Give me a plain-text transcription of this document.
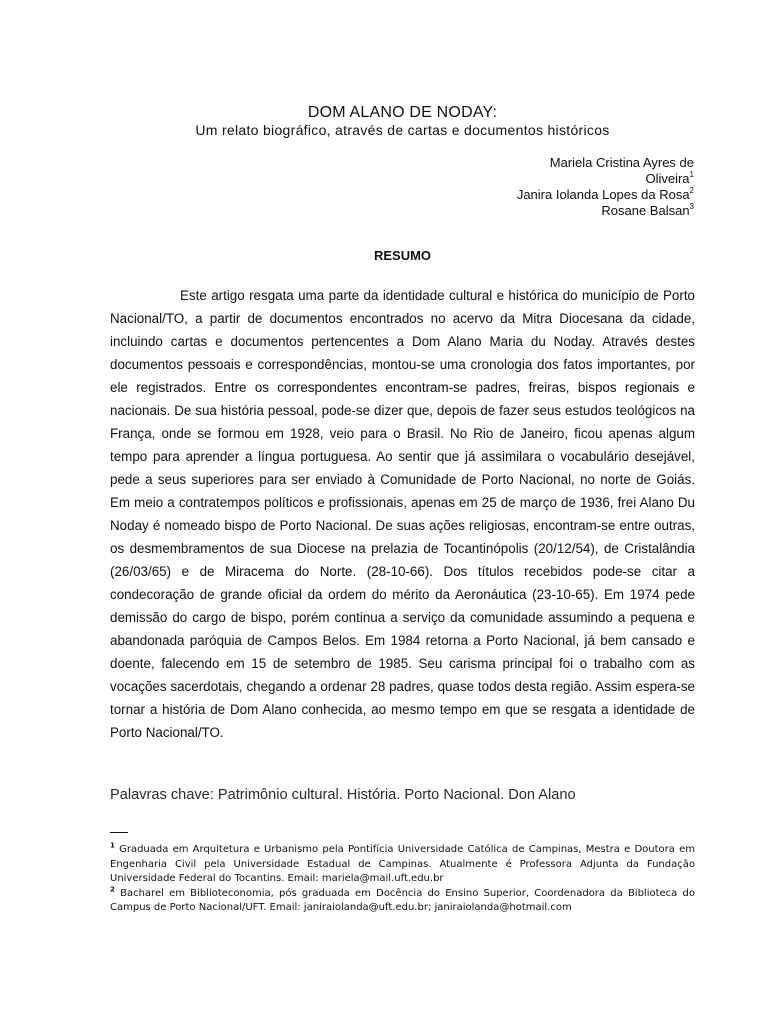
DOM ALANO DE NODAY:
Um relato biográfico, através de cartas e documentos históricos
Mariela Cristina Ayres de
Oliveira$^1$
Janira Iolanda Lopes da Rosa$^2$
Rosane Balsan$^3$
RESUMO

Este artigo resgata uma parte da identidade cultural e histórica do município de Porto Nacional/TO, a partir de documentos encontrados no acervo da Mitra Diocesana da cidade, incluindo cartas e documentos pertencentes a Dom Alano Maria du Noday. Através destes documentos pessoais e correspondências, montou-se uma cronologia dos fatos importantes, por ele registrados. Entre os correspondentes encontram-se padres, freiras, bispos regionais e nacionais. De sua história pessoal, pode-se dizer que, depois de fazer seus estudos teológicos na França, onde se formou em 1928, veio para o Brasil. No Rio de Janeiro, ficou apenas algum tempo para aprender a língua portuguesa. Ao sentir que já assimilara o vocabulário desejável, pede a seus superiores para ser enviado à Comunidade de Porto Nacional, no norte de Goiás. Em meio a contratempos políticos e profissionais, apenas em 25 de março de 1936, frei Alano Du Noday é nomeado bispo de Porto Nacional. De suas ações religiosas, encontram-se entre outras, os desmembramentos de sua Diocese na prelazia de Tocantinópolis (20/12/54), de Cristalândia (26/03/65) e de Miracema do Norte. (28-10-66). Dos títulos recebidos pode-se citar a condecoração de grande oficial da ordem do mérito da Aeronáutica (23-10-65). Em 1974 pede demissão do cargo de bispo, porém continua a serviço da comunidade assumindo a pequena e abandonada paróquia de Campos Belos. Em 1984 retorna a Porto Nacional, já bem cansado e doente, falecendo em 15 de setembro de 1985. Seu carisma principal foi o trabalho com as vocações sacerdotais, chegando a ordenar 28 padres, quase todos desta região. Assim espera-se tornar a história de Dom Alano conhecida, ao mesmo tempo em que se resgata a identidade de Porto Nacional/TO.

Palavras chave: Patrimônio cultural. História. Porto Nacional. Don Alano

$^1$ Graduada em Arquitetura e Urbanismo pela Pontifícia Universidade Católica de Campinas, Mestra e Doutora em Engenharia Civil pela Universidade Estadual de Campinas. Atualmente é Professora Adjunta da Fundação Universidade Federal do Tocantins. Email: mariela@mail.uft.edu.br

$^2$ Bacharel em Biblioteconomia, pós graduada em Docência do Ensino Superior, Coordenadora da Biblioteca do Campus de Porto Nacional/UFT. Email: janiraiolanda@uft.edu.br; janiraiolanda@hotmail.com
